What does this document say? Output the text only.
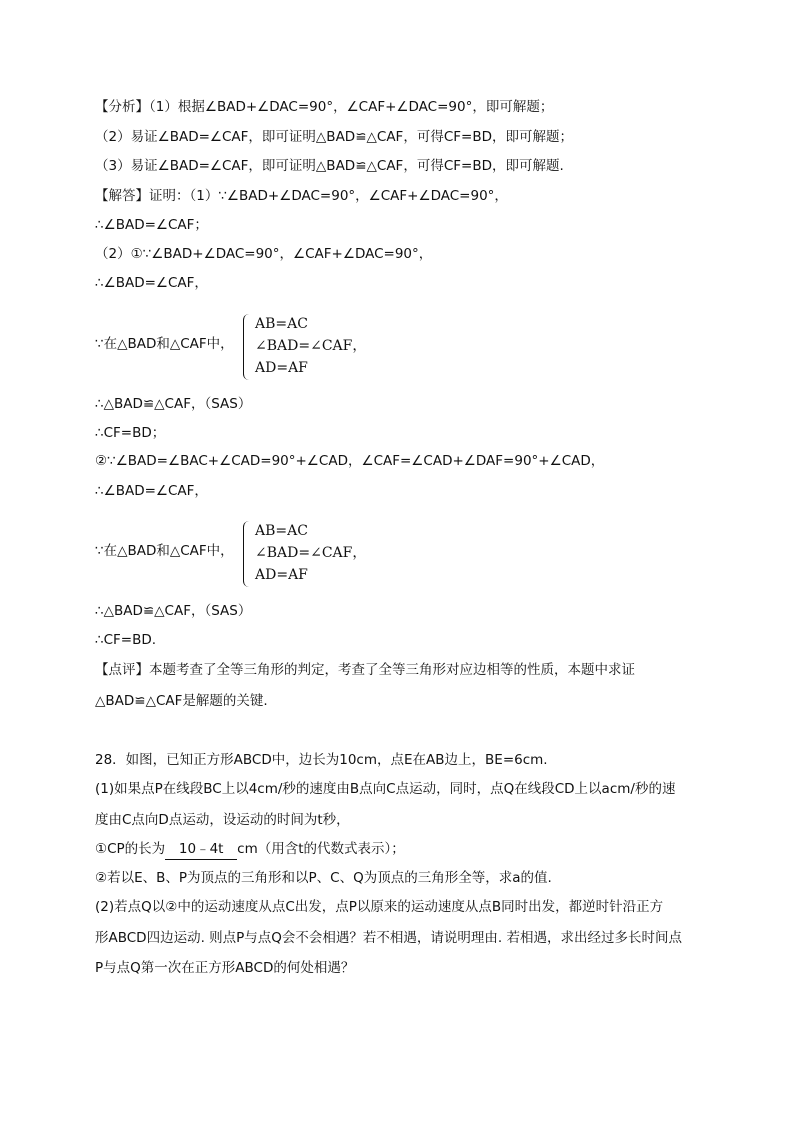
【分析】（1）根据∠BAD+∠DAC=90°，∠CAF+∠DAC=90°，即可解题；
（2）易证∠BAD=∠CAF，即可证明△BAD≌△CAF，可得CF=BD，即可解题；
（3）易证∠BAD=∠CAF，即可证明△BAD≌△CAF，可得CF=BD，即可解题.
【解答】证明：（1）∵∠BAD+∠DAC=90°，∠CAF+∠DAC=90°，
∴∠BAD=∠CAF；
（2）①∵∠BAD+∠DAC=90°，∠CAF+∠DAC=90°，
∴∠BAD=∠CAF，
∵在△BAD和△CAF中，
AB=AC
∠BAD=∠CAF，
AD=AF
∴△BAD≌△CAF，（SAS）
∴CF=BD；
②∵∠BAD=∠BAC+∠CAD=90°+∠CAD，∠CAF=∠CAD+∠DAF=90°+∠CAD，
∴∠BAD=∠CAF，
∵在△BAD和△CAF中，
AB=AC
∠BAD=∠CAF，
AD=AF
∴△BAD≌△CAF，（SAS）
∴CF=BD.
【点评】本题考查了全等三角形的判定，考查了全等三角形对应边相等的性质，本题中求证
△BAD≌△CAF是解题的关键.
28．如图，已知正方形ABCD中，边长为10cm，点E在AB边上，BE=6cm.
(1)如果点P在线段BC上以4cm/秒的速度由B点向C点运动，同时，点Q在线段CD上以acm/秒的速
度由C点向D点运动，设运动的时间为t秒，
①CP的长为 10﹣4t cm（用含t的代数式表示）；
②若以E、B、P为顶点的三角形和以P、C、Q为顶点的三角形全等，求a的值.
(2)若点Q以②中的运动速度从点C出发，点P以原来的运动速度从点B同时出发，都逆时针沿正方
形ABCD四边运动. 则点P与点Q会不会相遇？若不相遇，请说明理由. 若相遇，求出经过多长时间点
P与点Q第一次在正方形ABCD的何处相遇？
